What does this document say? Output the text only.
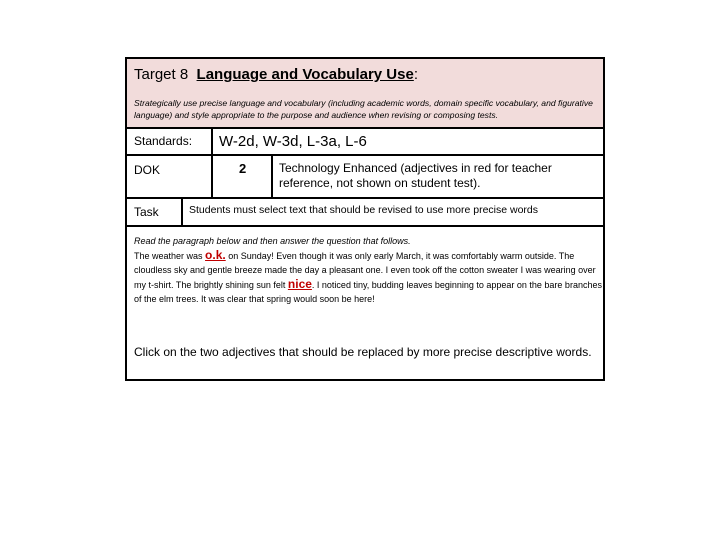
Target 8 Language and Vocabulary Use:
Strategically use precise language and vocabulary (including academic words, domain specific vocabulary, and figurative language) and style appropriate to the purpose and audience when revising or composing tests.
Standards: W-2d, W-3d, L-3a, L-6
DOK	2	Technology Enhanced (adjectives in red for teacher reference, not shown on student test).
Task	Students must select text that should be revised to use more precise words
Read the paragraph below and then answer the question that follows.
The weather was o.k. on Sunday! Even though it was only early March, it was comfortably warm outside. The cloudless sky and gentle breeze made the day a pleasant one. I even took off the cotton sweater I was wearing over my t-shirt. The brightly shining sun felt nice. I noticed tiny, budding leaves beginning to appear on the bare branches of the elm trees. It was clear that spring would soon be here!
Click on the two adjectives that should be replaced by more precise descriptive words.
